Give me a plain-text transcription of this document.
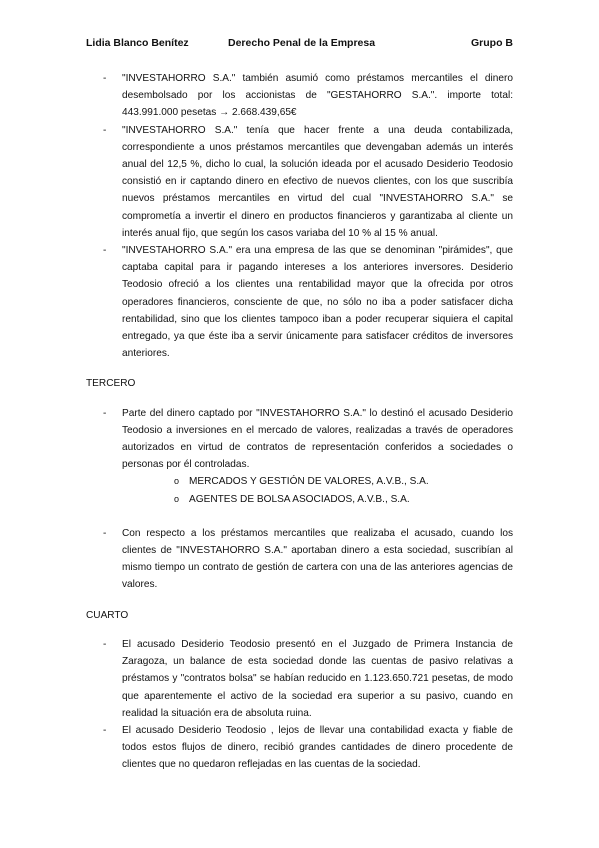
Lidia Blanco Benítez	Derecho Penal de la Empresa	Grupo B
- "INVESTAHORRO S.A." también asumió como préstamos mercantiles el dinero desembolsado por los accionistas de "GESTAHORRO S.A.". importe total: 443.991.000 pesetas → 2.668.439,65€
- "INVESTAHORRO S.A." tenía que hacer frente a una deuda contabilizada, correspondiente a unos préstamos mercantiles que devengaban además un interés anual del 12,5 %, dicho lo cual, la solución ideada por el acusado Desiderio Teodosio consistió en ir captando dinero en efectivo de nuevos clientes, con los que suscribía nuevos préstamos mercantiles en virtud del cual "INVESTAHORRO S.A." se comprometía a invertir el dinero en productos financieros y garantizaba al cliente un interés anual fijo, que según los casos variaba del 10 % al 15 % anual.
- "INVESTAHORRO S.A." era una empresa de las que se denominan "pirámides", que captaba capital para ir pagando intereses a los anteriores inversores. Desiderio Teodosio ofreció a los clientes una rentabilidad mayor que la ofrecida por otros operadores financieros, consciente de que, no sólo no iba a poder satisfacer dicha rentabilidad, sino que los clientes tampoco iban a poder recuperar siquiera el capital entregado, ya que éste iba a servir únicamente para satisfacer créditos de inversores anteriores.
TERCERO
- Parte del dinero captado por "INVESTAHORRO S.A." lo destinó el acusado Desiderio Teodosio a inversiones en el mercado de valores, realizadas a través de operadores autorizados en virtud de contratos de representación conferidos a sociedades o personas por él controladas.
o MERCADOS Y GESTIÓN DE VALORES, A.V.B., S.A.
o AGENTES DE BOLSA ASOCIADOS, A.V.B., S.A.
- Con respecto a los préstamos mercantiles que realizaba el acusado, cuando los clientes de "INVESTAHORRO S.A." aportaban dinero a esta sociedad, suscribían al mismo tiempo un contrato de gestión de cartera con una de las anteriores agencias de valores.
CUARTO
- El acusado Desiderio Teodosio presentó en el Juzgado de Primera Instancia de Zaragoza, un balance de esta sociedad donde las cuentas de pasivo relativas a préstamos y "contratos bolsa" se habían reducido en 1.123.650.721 pesetas, de modo que aparentemente el activo de la sociedad era superior a su pasivo, cuando en realidad la situación era de absoluta ruina.
- El acusado Desiderio Teodosio , lejos de llevar una contabilidad exacta y fiable de todos estos flujos de dinero, recibió grandes cantidades de dinero procedente de clientes que no quedaron reflejadas en las cuentas de la sociedad.
